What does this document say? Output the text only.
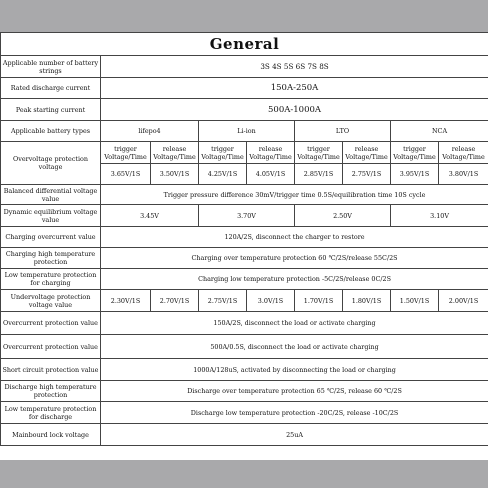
General								
Applicable number of battery strings	3S 4S 5S 6S 7S 8S							
Rated discharge current	150A-250A							
Peak starting current	500A-1000A							
Applicable battery types	lifepo4		Li-ion		LTO		NCA	
Overvoltage protection voltage	trigger Voltage/Time	release Voltage/Time	trigger Voltage/Time	release Voltage/Time	trigger Voltage/Time	release Voltage/Time	trigger Voltage/Time	release Voltage/Time
	3.65V/1S	3.50V/1S	4.25V/1S	4.05V/1S	2.85V/1S	2.75V/1S	3.95V/1S	3.80V/1S
Balanced differential voltage value	Trigger pressure difference 30mV/trigger time 0.5S/equilibration time 10S cycle							
Dynamic equilibrium voltage value	3.45V		3.70V		2.50V		3.10V	
Charging overcurrent value	120A/2S, disconnect the charger to restore							
Charging high temperature protection	Charging over temperature protection 60 ℃/2S/release 55C/2S							
Low temperature protection for charging	Charging low temperature protection -5C/2S/release 0C/2S							
Undervoltage protection voltage value	2.30V/1S	2.70V/1S	2.75V/1S	3.0V/1S	1.70V/1S	1.80V/1S	1.50V/1S	2.00V/1S
Overcurrent protection value	150A/2S, disconnect the load or activate charging							
Overcurrent protection value	500A/0.5S, disconnect the load or activate charging							
Short circuit protection value	1000A/128uS, activated by disconnecting the load or charging							
Discharge high temperature protection	Discharge over temperature protection 65 ℃/2S, release 60 ℃/2S							
Low temperature protection for discharge	Discharge low temperature protection -20C/2S, release -10C/2S							
Mainbourd lock voltage	25uA							
